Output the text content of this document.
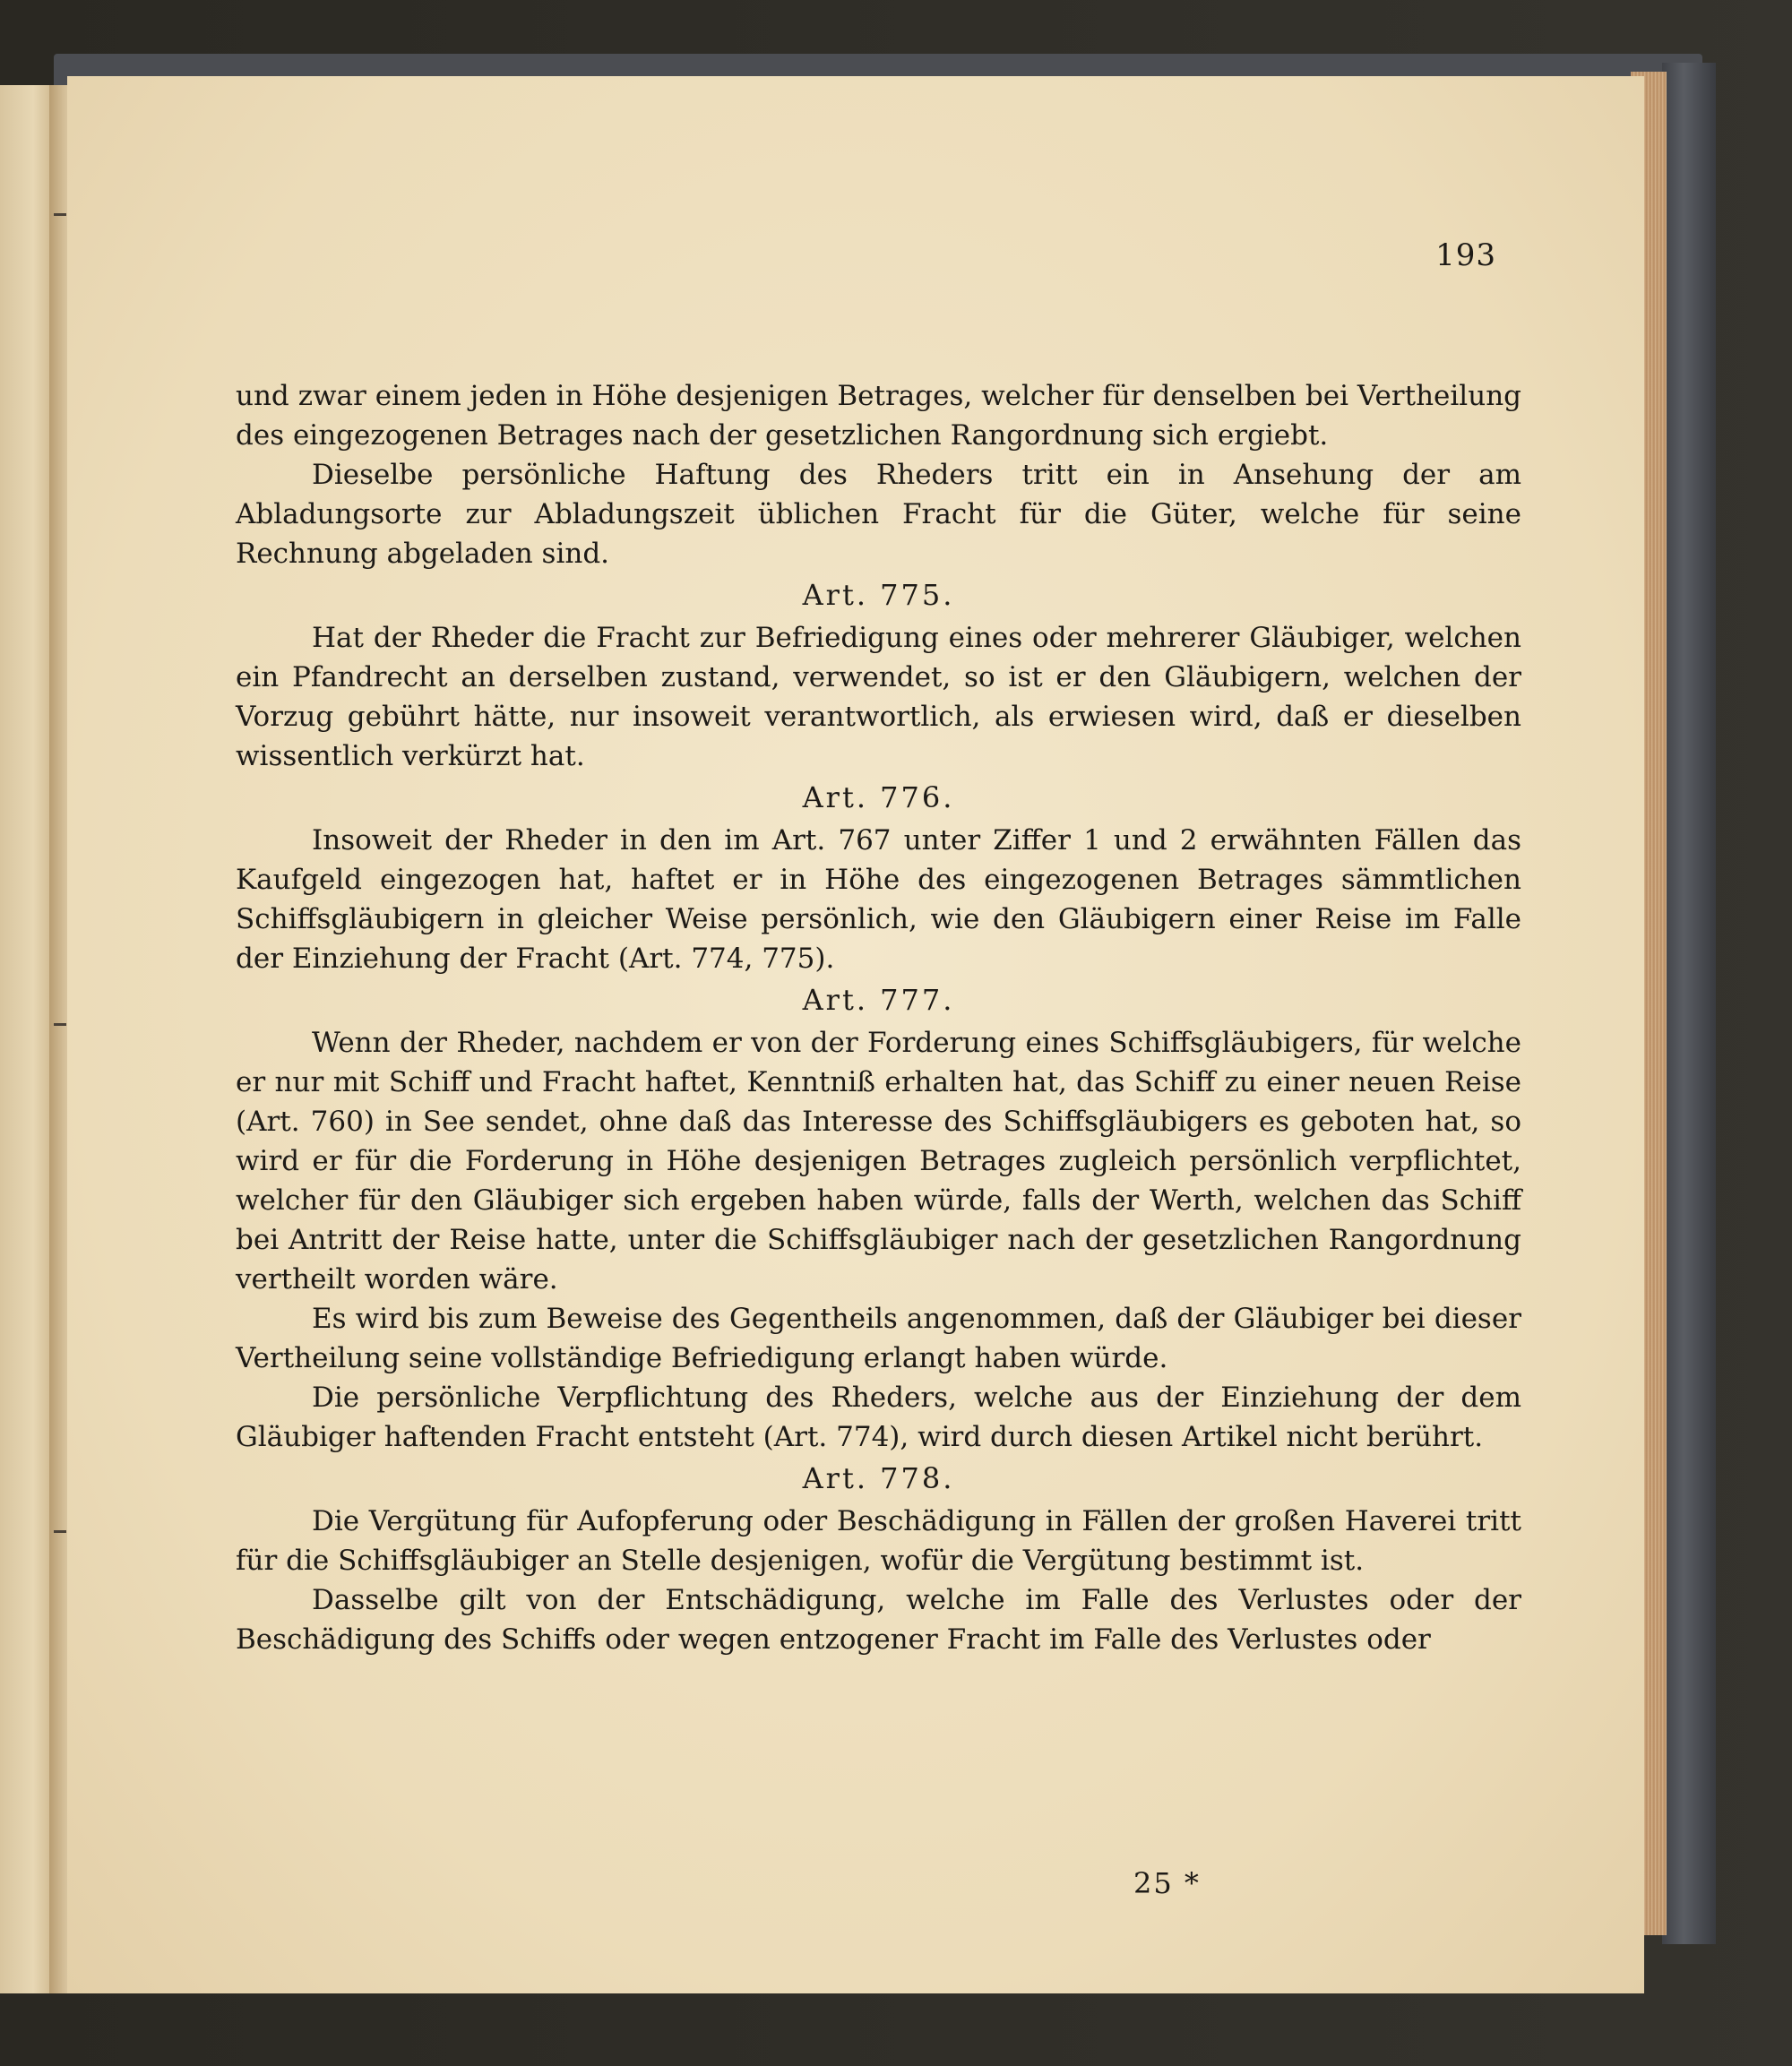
193

und zwar einem jeden in Höhe desjenigen Betrages, welcher für denselben bei Vertheilung des eingezogenen Betrages nach der gesetzlichen Rangordnung sich ergiebt.

Dieselbe persönliche Haftung des Rheders tritt ein in Ansehung der am Abladungsorte zur Abladungszeit üblichen Fracht für die Güter, welche für seine Rechnung abgeladen sind.

Art. 775.

Hat der Rheder die Fracht zur Befriedigung eines oder mehrerer Gläubiger, welchen ein Pfandrecht an derselben zustand, verwendet, so ist er den Gläubigern, welchen der Vorzug gebührt hätte, nur insoweit verantwortlich, als erwiesen wird, daß er dieselben wissentlich verkürzt hat.

Art. 776.

Insoweit der Rheder in den im Art. 767 unter Ziffer 1 und 2 erwähnten Fällen das Kaufgeld eingezogen hat, haftet er in Höhe des eingezogenen Betrages sämmtlichen Schiffsgläubigern in gleicher Weise persönlich, wie den Gläubigern einer Reise im Falle der Einziehung der Fracht (Art. 774, 775).

Art. 777.

Wenn der Rheder, nachdem er von der Forderung eines Schiffsgläubigers, für welche er nur mit Schiff und Fracht haftet, Kenntniß erhalten hat, das Schiff zu einer neuen Reise (Art. 760) in See sendet, ohne daß das Interesse des Schiffsgläubigers es geboten hat, so wird er für die Forderung in Höhe desjenigen Betrages zugleich persönlich verpflichtet, welcher für den Gläubiger sich ergeben haben würde, falls der Werth, welchen das Schiff bei Antritt der Reise hatte, unter die Schiffsgläubiger nach der gesetzlichen Rangordnung vertheilt worden wäre.

Es wird bis zum Beweise des Gegentheils angenommen, daß der Gläubiger bei dieser Vertheilung seine vollständige Befriedigung erlangt haben würde.

Die persönliche Verpflichtung des Rheders, welche aus der Einziehung der dem Gläubiger haftenden Fracht entsteht (Art. 774), wird durch diesen Artikel nicht berührt.

Art. 778.

Die Vergütung für Aufopferung oder Beschädigung in Fällen der großen Haverei tritt für die Schiffsgläubiger an Stelle desjenigen, wofür die Vergütung bestimmt ist.

Dasselbe gilt von der Entschädigung, welche im Falle des Verlustes oder der Beschädigung des Schiffs oder wegen entzogener Fracht im Falle des Verlustes oder

25 *
